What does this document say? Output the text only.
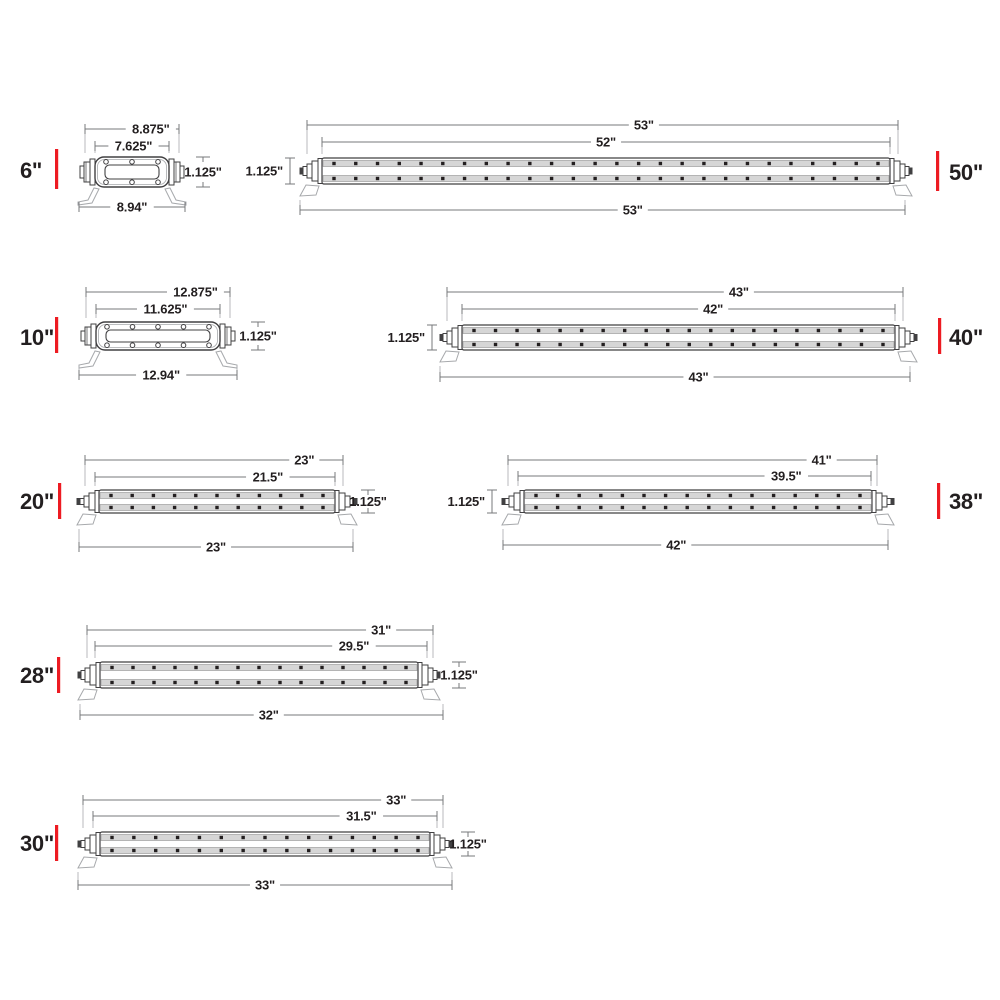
8.875"
7.625"
8.94"
1.125"
6"
53"
52"
53"
1.125"	50"
12.875"
11.625"
12.94"
1.125"
10"
43"
42"
43"
1.125"	40"
23"
21.5"
23"
1.125"
20"
41"
39.5"
42"
1.125"	38"
31"
29.5"
32"
1.125"
28"
33"
31.5"
33"
1.125"
30"
